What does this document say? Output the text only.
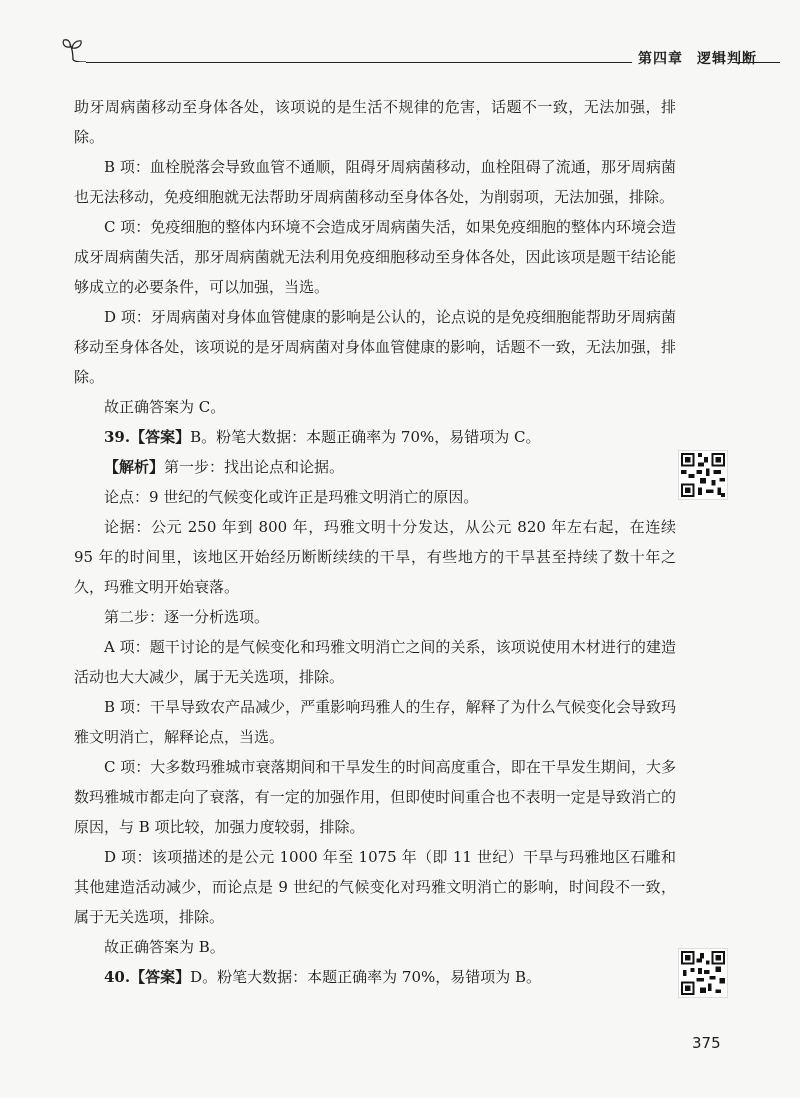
第四章 逻辑判断

助牙周病菌移动至身体各处，该项说的是生活不规律的危害，话题不一致，无法加强，排除。

B 项：血栓脱落会导致血管不通顺，阻碍牙周病菌移动，血栓阻碍了流通，那牙周病菌也无法移动，免疫细胞就无法帮助牙周病菌移动至身体各处，为削弱项，无法加强，排除。

C 项：免疫细胞的整体内环境不会造成牙周病菌失活，如果免疫细胞的整体内环境会造成牙周病菌失活，那牙周病菌就无法利用免疫细胞移动至身体各处，因此该项是题干结论能够成立的必要条件，可以加强，当选。

D 项：牙周病菌对身体血管健康的影响是公认的，论点说的是免疫细胞能帮助牙周病菌移动至身体各处，该项说的是牙周病菌对身体血管健康的影响，话题不一致，无法加强，排除。

故正确答案为 C。

39.【答案】B。粉笔大数据：本题正确率为 70%，易错项为 C。

【解析】第一步：找出论点和论据。

论点：9 世纪的气候变化或许正是玛雅文明消亡的原因。

论据：公元 250 年到 800 年，玛雅文明十分发达，从公元 820 年左右起，在连续 95 年的时间里，该地区开始经历断断续续的干旱，有些地方的干旱甚至持续了数十年之久，玛雅文明开始衰落。

第二步：逐一分析选项。

A 项：题干讨论的是气候变化和玛雅文明消亡之间的关系，该项说使用木材进行的建造活动也大大减少，属于无关选项，排除。

B 项：干旱导致农产品减少，严重影响玛雅人的生存，解释了为什么气候变化会导致玛雅文明消亡，解释论点，当选。

C 项：大多数玛雅城市衰落期间和干旱发生的时间高度重合，即在干旱发生期间，大多数玛雅城市都走向了衰落，有一定的加强作用，但即使时间重合也不表明一定是导致消亡的原因，与 B 项比较，加强力度较弱，排除。

D 项：该项描述的是公元 1000 年至 1075 年（即 11 世纪）干旱与玛雅地区石雕和其他建造活动减少，而论点是 9 世纪的气候变化对玛雅文明消亡的影响，时间段不一致，属于无关选项，排除。

故正确答案为 B。

40.【答案】D。粉笔大数据：本题正确率为 70%，易错项为 B。

375
